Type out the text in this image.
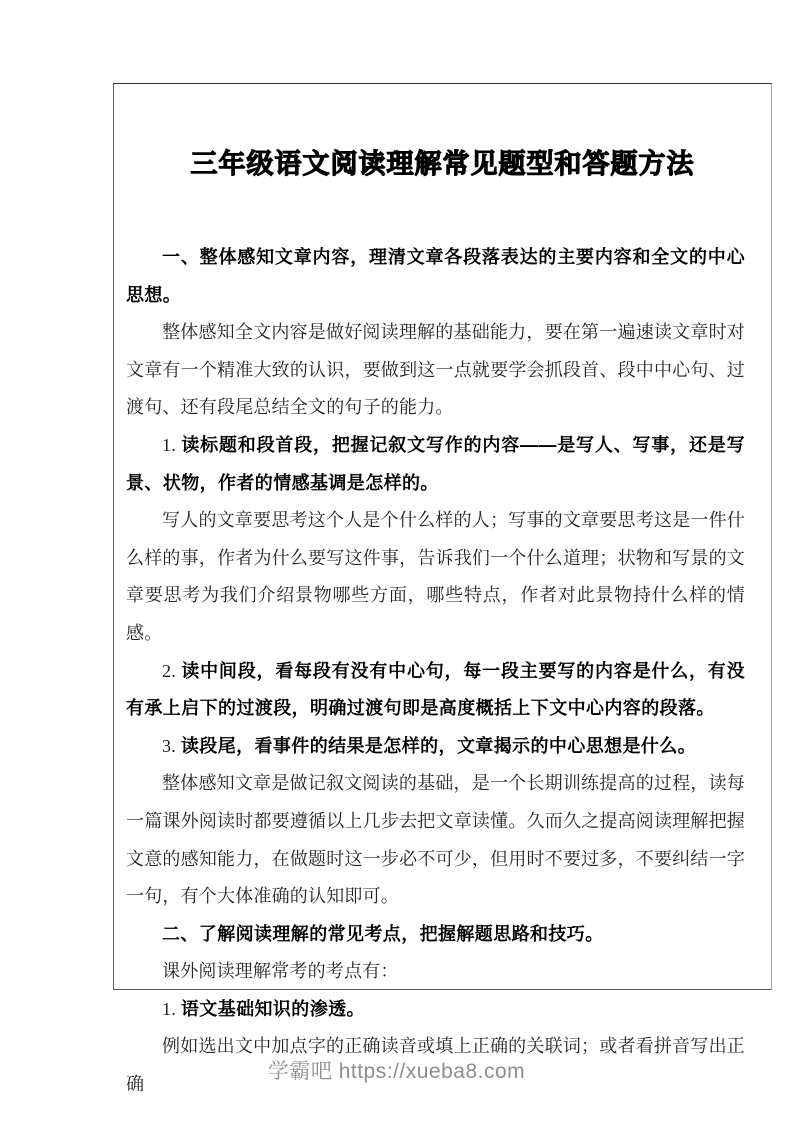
三年级语文阅读理解常见题型和答题方法

一、整体感知文章内容，理清文章各段落表达的主要内容和全文的中心思想。

整体感知全文内容是做好阅读理解的基础能力，要在第一遍速读文章时对文章有一个精准大致的认识，要做到这一点就要学会抓段首、段中中心句、过渡句、还有段尾总结全文的句子的能力。

1. 读标题和段首段，把握记叙文写作的内容——是写人、写事，还是写景、状物，作者的情感基调是怎样的。

写人的文章要思考这个人是个什么样的人；写事的文章要思考这是一件什么样的事，作者为什么要写这件事，告诉我们一个什么道理；状物和写景的文章要思考为我们介绍景物哪些方面，哪些特点，作者对此景物持什么样的情感。

2. 读中间段，看每段有没有中心句，每一段主要写的内容是什么，有没有承上启下的过渡段，明确过渡句即是高度概括上下文中心内容的段落。

3. 读段尾，看事件的结果是怎样的，文章揭示的中心思想是什么。

整体感知文章是做记叙文阅读的基础，是一个长期训练提高的过程，读每一篇课外阅读时都要遵循以上几步去把文章读懂。久而久之提高阅读理解把握文意的感知能力，在做题时这一步必不可少，但用时不要过多，不要纠结一字一句，有个大体准确的认知即可。

二、了解阅读理解的常见考点，把握解题思路和技巧。

课外阅读理解常考的考点有：

1. 语文基础知识的渗透。

例如选出文中加点字的正确读音或填上正确的关联词；或者看拼音写出正确

学霸吧 https://xueba8.com
